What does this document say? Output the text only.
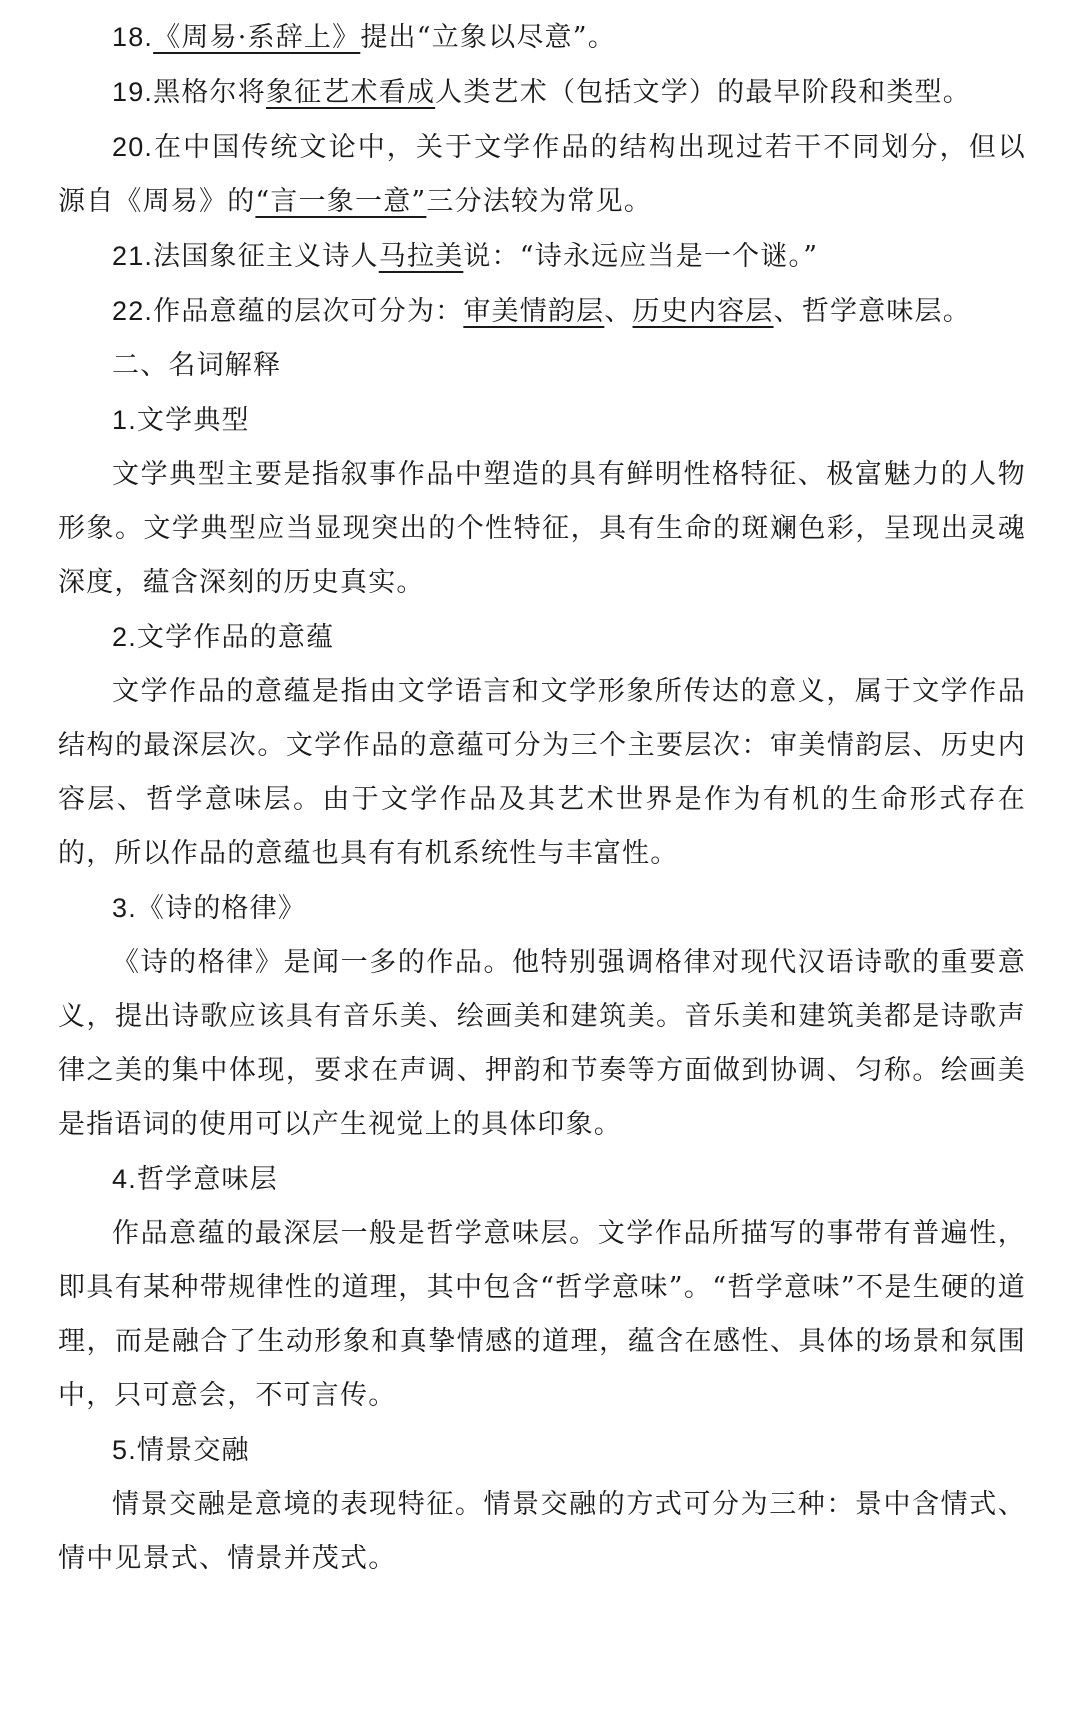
18.《周易·系辞上》提出“立象以尽意”。

19.黑格尔将象征艺术看成人类艺术（包括文学）的最早阶段和类型。

20.在中国传统文论中，关于文学作品的结构出现过若干不同划分，但以源自《周易》的“言一象一意”三分法较为常见。

21.法国象征主义诗人马拉美说：“诗永远应当是一个谜。”

22.作品意蕴的层次可分为：审美情韵层、历史内容层、哲学意味层。

二、名词解释

1.文学典型

文学典型主要是指叙事作品中塑造的具有鲜明性格特征、极富魅力的人物形象。文学典型应当显现突出的个性特征，具有生命的斑斓色彩，呈现出灵魂深度，蕴含深刻的历史真实。

2.文学作品的意蕴

文学作品的意蕴是指由文学语言和文学形象所传达的意义，属于文学作品结构的最深层次。文学作品的意蕴可分为三个主要层次：审美情韵层、历史内容层、哲学意味层。由于文学作品及其艺术世界是作为有机的生命形式存在的，所以作品的意蕴也具有有机系统性与丰富性。

3.《诗的格律》

《诗的格律》是闻一多的作品。他特别强调格律对现代汉语诗歌的重要意义，提出诗歌应该具有音乐美、绘画美和建筑美。音乐美和建筑美都是诗歌声律之美的集中体现，要求在声调、押韵和节奏等方面做到协调、匀称。绘画美是指语词的使用可以产生视觉上的具体印象。

4.哲学意味层

作品意蕴的最深层一般是哲学意味层。文学作品所描写的事带有普遍性，即具有某种带规律性的道理，其中包含“哲学意味”。“哲学意味”不是生硬的道理，而是融合了生动形象和真挚情感的道理，蕴含在感性、具体的场景和氛围中，只可意会，不可言传。

5.情景交融

情景交融是意境的表现特征。情景交融的方式可分为三种：景中含情式、情中见景式、情景并茂式。
